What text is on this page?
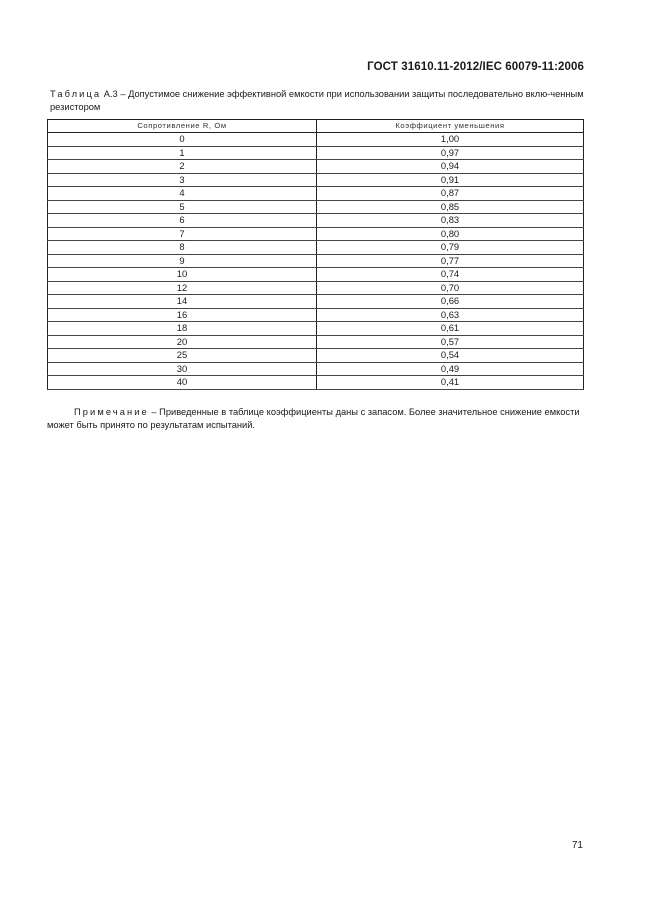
ГОСТ 31610.11-2012/IEC 60079-11:2006
Таблица А.3 – Допустимое снижение эффективной емкости при использовании защиты последовательно вклю-ченным резистором
Сопротивление R, Ом	Коэффициент уменьшения
0	1,00
1	0,97
2	0,94
3	0,91
4	0,87
5	0,85
6	0,83
7	0,80
8	0,79
9	0,77
10	0,74
12	0,70
14	0,66
16	0,63
18	0,61
20	0,57
25	0,54
30	0,49
40	0,41
Примечание – Приведенные в таблице коэффициенты даны с запасом. Более значительное снижение емкости может быть принято по результатам испытаний.
71
